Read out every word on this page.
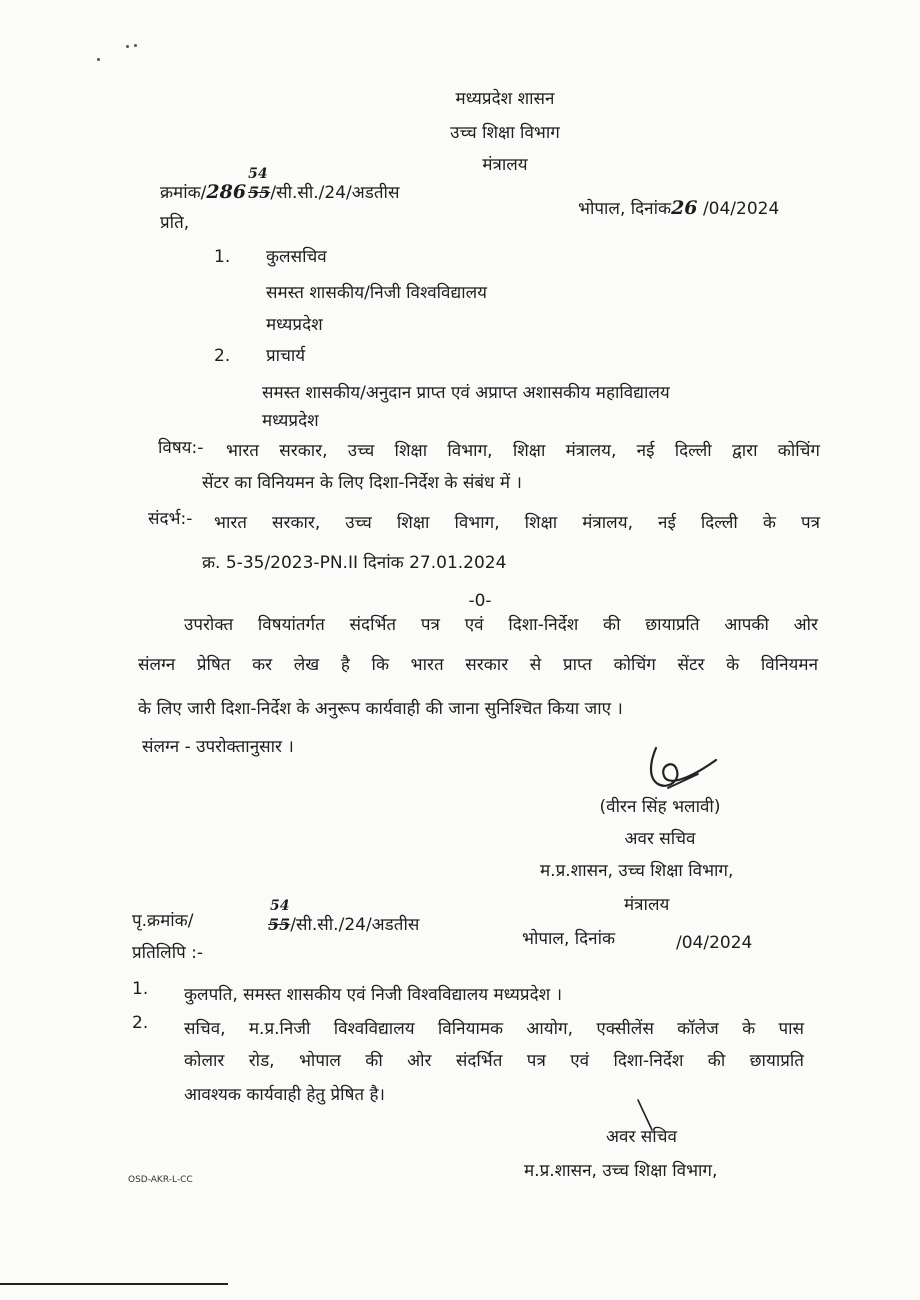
मध्यप्रदेश शासन
उच्च शिक्षा विभाग
मंत्रालय
क्रमांक/286 55
54
/सी.सी./24/अडतीस
भोपाल, दिनांक26 /04/2024
प्रति,
1. कुलसचिव
समस्त शासकीय/निजी विश्वविद्यालय
मध्यप्रदेश
2. प्राचार्य
समस्त शासकीय/अनुदान प्राप्त एवं अप्राप्त अशासकीय महाविद्यालय
मध्यप्रदेश
विषय:- भारत सरकार, उच्च शिक्षा विभाग, शिक्षा मंत्रालय, नई दिल्ली द्वारा कोचिंग
सेंटर का विनियमन के लिए दिशा-निर्देश के संबंध में ।
संदर्भ:- भारत सरकार, उच्च शिक्षा विभाग, शिक्षा मंत्रालय, नई दिल्ली के पत्र
क्र. 5-35/2023-PN.II दिनांक 27.01.2024
-0-
उपरोक्त विषयांतर्गत संदर्भित पत्र एवं दिशा-निर्देश की छायाप्रति आपकी ओर
संलग्न प्रेषित कर लेख है कि भारत सरकार से प्राप्त कोचिंग सेंटर के विनियमन
के लिए जारी दिशा-निर्देश के अनुरूप कार्यवाही की जाना सुनिश्चित किया जाए ।
संलग्न - उपरोक्तानुसार ।
(वीरन सिंह भलावी)
अवर सचिव
म.प्र.शासन, उच्च शिक्षा विभाग,
मंत्रालय
पृ.क्रमांक/	55
54
/सी.सी./24/अडतीस
भोपाल, दिनांक	/04/2024
प्रतिलिपि :-
1. कुलपति, समस्त शासकीय एवं निजी विश्वविद्यालय मध्यप्रदेश ।
2. सचिव, म.प्र.निजी विश्वविद्यालय विनियामक आयोग, एक्सीलेंस कॉलेज के पास
कोलार रोड, भोपाल की ओर संदर्भित पत्र एवं दिशा-निर्देश की छायाप्रति
आवश्यक कार्यवाही हेतु प्रेषित है।
अवर सचिव
म.प्र.शासन, उच्च शिक्षा विभाग,
OSD-AKR-L-CC
